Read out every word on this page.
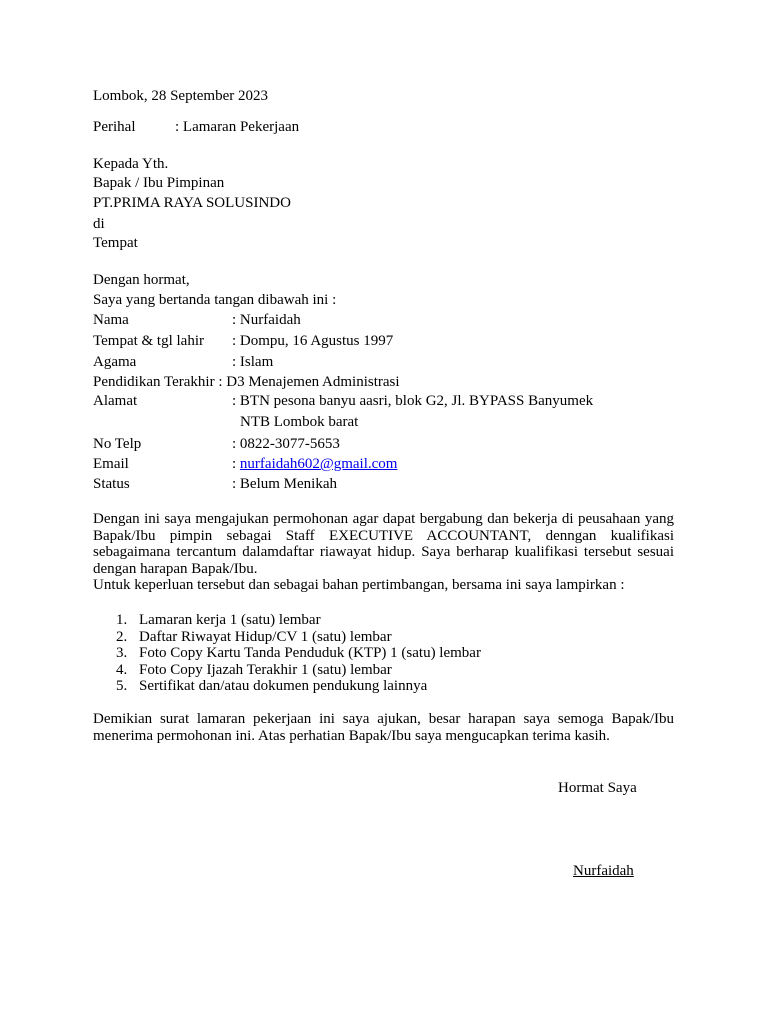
Lombok, 28 September 2023
Perihal	: Lamaran Pekerjaan
Kepada Yth.
Bapak / Ibu Pimpinan
PT.PRIMA RAYA SOLUSINDO
di
Tempat
Dengan hormat,
Saya yang bertanda tangan dibawah ini :
Nama	: Nurfaidah
Tempat & tgl lahir : Dompu, 16 Agustus 1997
Agama	: Islam
Pendidikan Terakhir : D3 Menajemen Administrasi
Alamat	: BTN pesona banyu aasri, blok G2, Jl. BYPASS Banyumek
NTB Lombok barat
No Telp	: 0822-3077-5653
Email	: nurfaidah602@gmail.com
Status	: Belum Menikah
Dengan ini saya mengajukan permohonan agar dapat bergabung dan bekerja di peusahaan yang
Bapak/Ibu pimpin sebagai Staff EXECUTIVE ACCOUNTANT, denngan kualifikasi
sebagaimana tercantum dalamdaftar riawayat hidup. Saya berharap kualifikasi tersebut sesuai
dengan harapan Bapak/Ibu.
Untuk keperluan tersebut dan sebagai bahan pertimbangan, bersama ini saya lampirkan :
1. Lamaran kerja 1 (satu) lembar
2. Daftar Riwayat Hidup/CV 1 (satu) lembar
3. Foto Copy Kartu Tanda Penduduk (KTP) 1 (satu) lembar
4. Foto Copy Ijazah Terakhir 1 (satu) lembar
5. Sertifikat dan/atau dokumen pendukung lainnya
Demikian surat lamaran pekerjaan ini saya ajukan, besar harapan saya semoga Bapak/Ibu
menerima permohonan ini. Atas perhatian Bapak/Ibu saya mengucapkan terima kasih.
Hormat Saya
Nurfaidah
